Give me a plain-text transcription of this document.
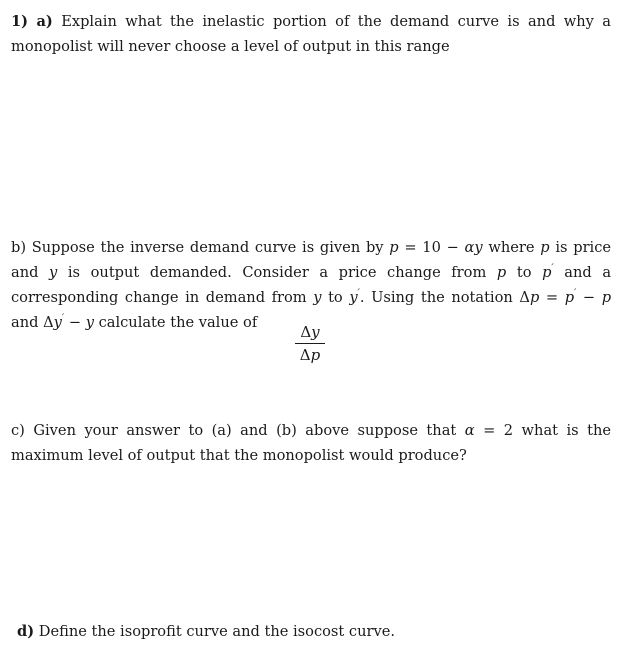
1) a) Explain what the inelastic portion of the demand curve is and why a monopolist will never choose a level of output in this range

b) Suppose the inverse demand curve is given by p = 10 − αy where p is price and y is output demanded. Consider a price change from p to p′ and a corresponding change in demand from y to y′. Using the notation Δp = p′ − p and Δy′ − y calculate the value of

Δy
Δp

c) Given your answer to (a) and (b) above suppose that α = 2 what is the maximum level of output that the monopolist would produce?

d) Define the isoprofit curve and the isocost curve.
